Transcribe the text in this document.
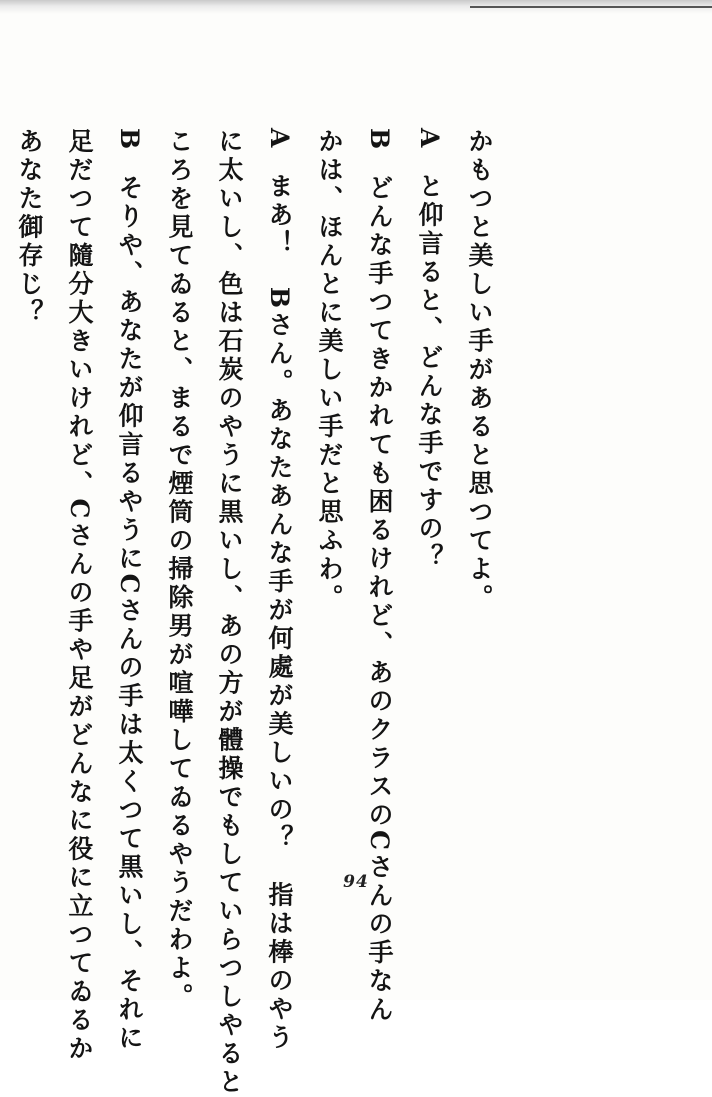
かもつと美しい手があると思つてよ。
Aと仰言ると、どんな手ですの？
Bどんな手つてきかれても困るけれど、あのクラスのCさんの手なん
かは、ほんとに美しい手だと思ふわ。
Aまあ！　Bさん。あなたあんな手が何處が美しいの？　指は棒のやう
に太いし、色は石炭のやうに黒いし、あの方が體操でもしていらつしやると
ころを見てゐると、まるで煙筒の掃除男が喧嘩してゐるやうだわよ。
Bそりや、あなたが仰言るやうにCさんの手は太くつて黒いし、それに
足だつて隨分大きいけれど、Cさんの手や足がどんなに役に立つてゐるか
あなた御存じ？
94
